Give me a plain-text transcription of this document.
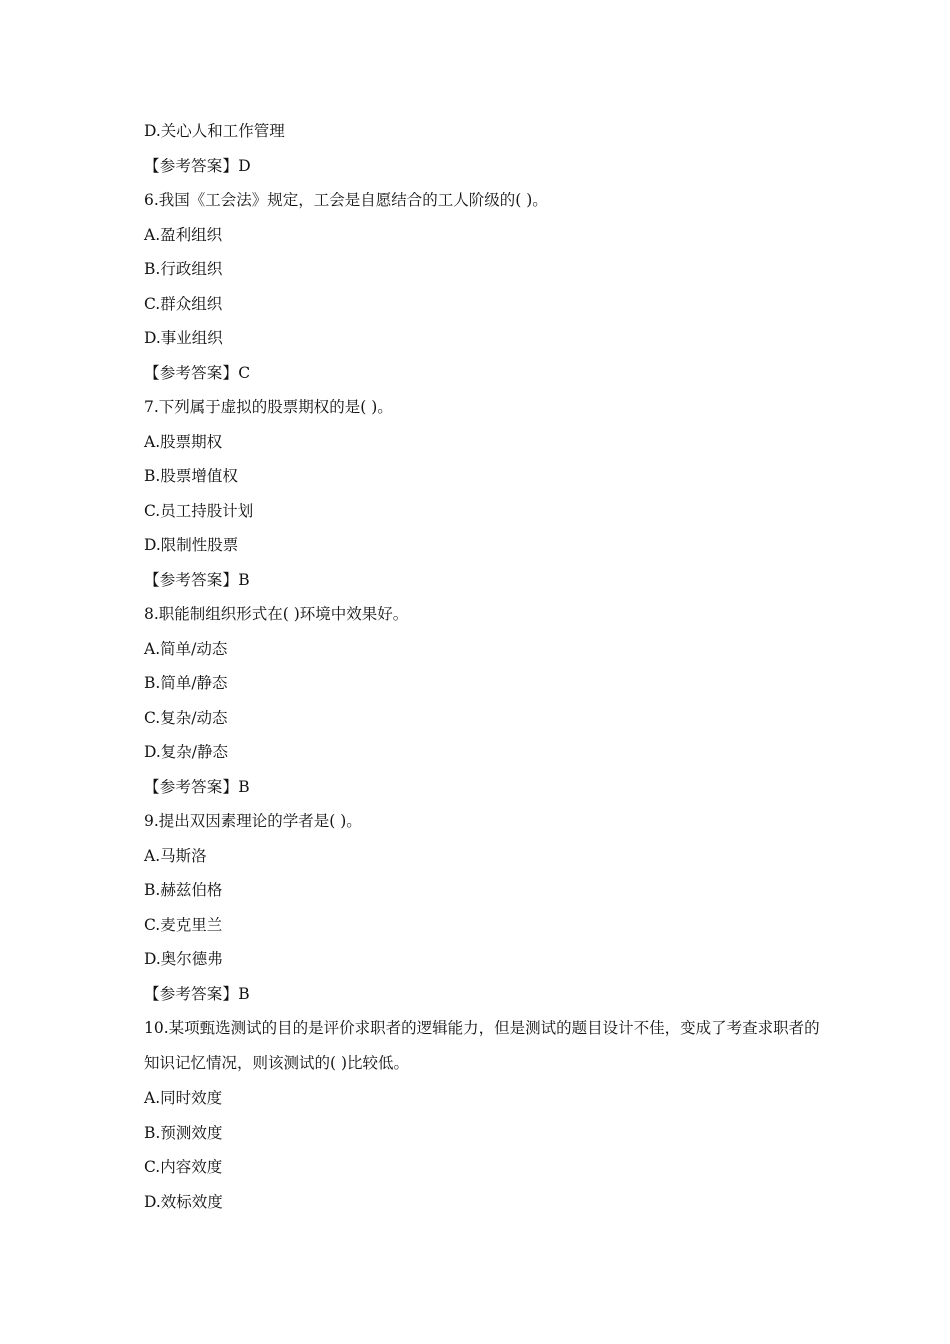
D.关心人和工作管理
【参考答案】D
6.我国《工会法》规定，工会是自愿结合的工人阶级的( )。
A.盈利组织
B.行政组织
C.群众组织
D.事业组织
【参考答案】C
7.下列属于虚拟的股票期权的是( )。
A.股票期权
B.股票增值权
C.员工持股计划
D.限制性股票
【参考答案】B
8.职能制组织形式在( )环境中效果好。
A.简单/动态
B.简单/静态
C.复杂/动态
D.复杂/静态
【参考答案】B
9.提出双因素理论的学者是( )。
A.马斯洛
B.赫兹伯格
C.麦克里兰
D.奥尔德弗
【参考答案】B
10.某项甄选测试的目的是评价求职者的逻辑能力，但是测试的题目设计不佳，变成了考查求职者的知识记忆情况，则该测试的( )比较低。
A.同时效度
B.预测效度
C.内容效度
D.效标效度
